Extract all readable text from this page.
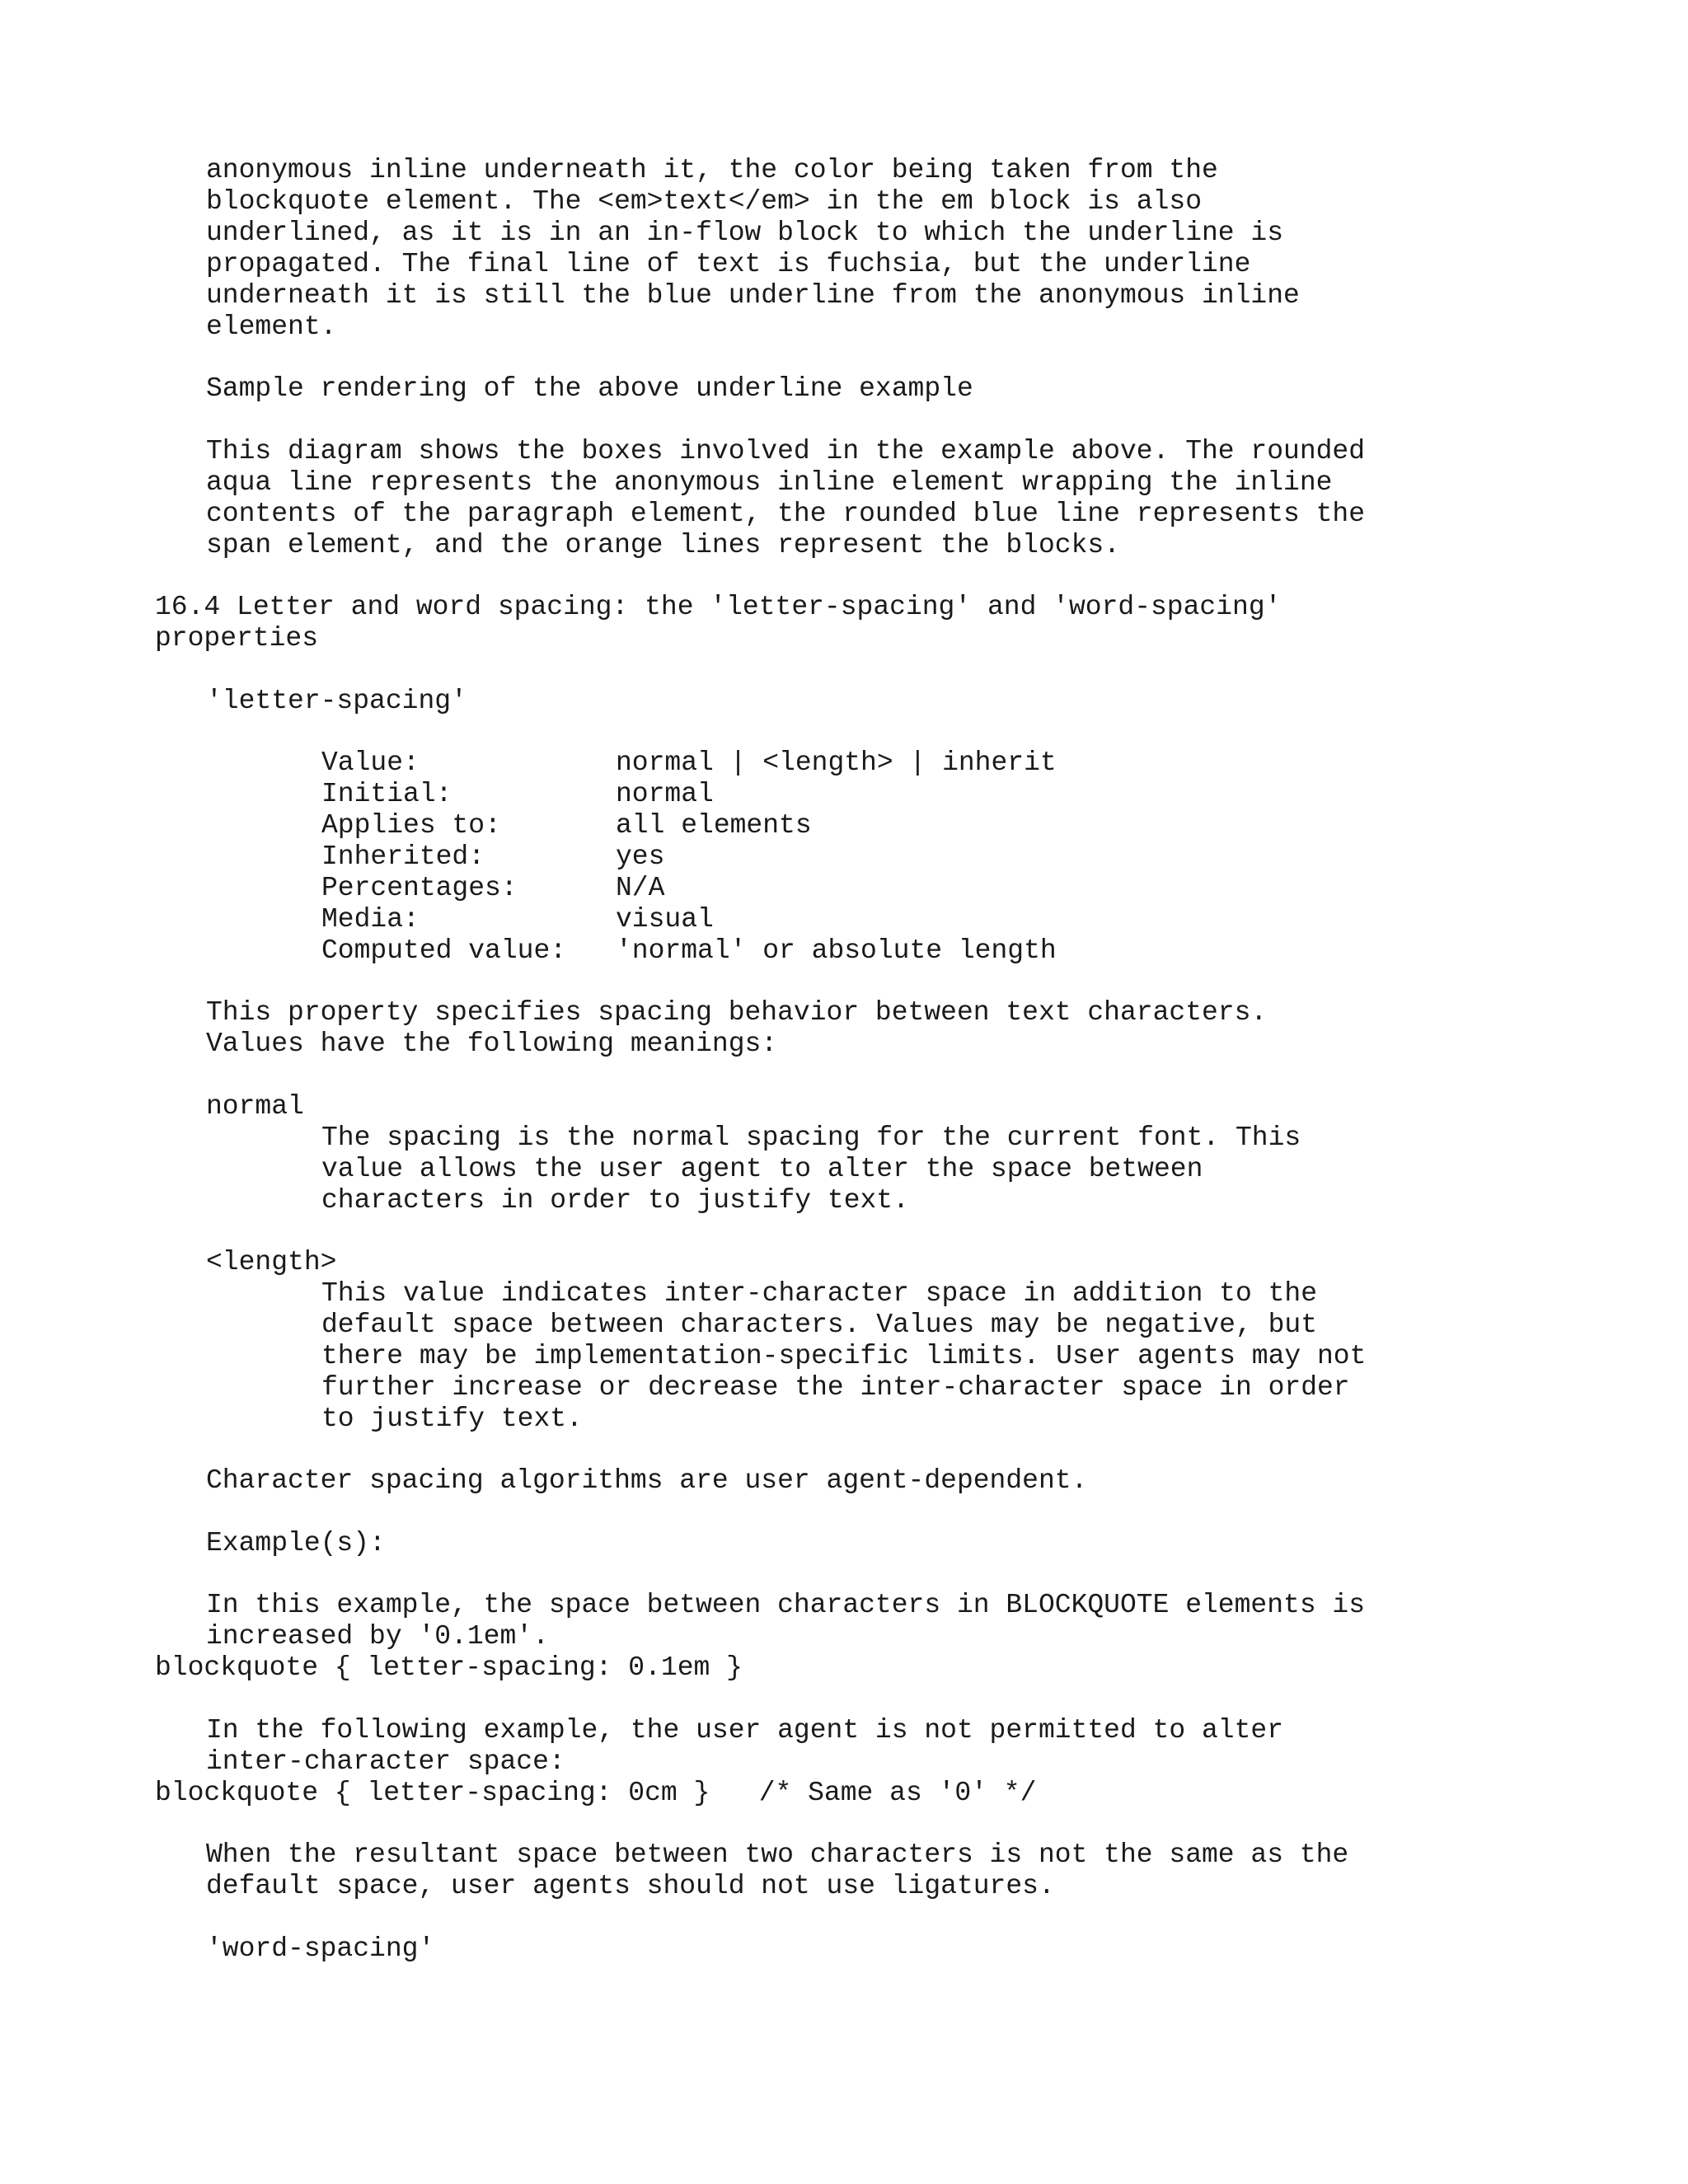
anonymous inline underneath it, the color being taken from the
blockquote element. The <em>text</em> in the em block is also
underlined, as it is in an in-flow block to which the underline is
propagated. The final line of text is fuchsia, but the underline
underneath it is still the blue underline from the anonymous inline
element.
Sample rendering of the above underline example
This diagram shows the boxes involved in the example above. The rounded
aqua line represents the anonymous inline element wrapping the inline
contents of the paragraph element, the rounded blue line represents the
span element, and the orange lines represent the blocks.
16.4 Letter and word spacing: the 'letter-spacing' and 'word-spacing'
properties
'letter-spacing'
Value:	normal | <length> | inherit
Initial:	normal
Applies to:	all elements
Inherited:	yes
Percentages:	N/A
Media:	visual
Computed value: 'normal' or absolute length
This property specifies spacing behavior between text characters.
Values have the following meanings:
normal
The spacing is the normal spacing for the current font. This
value allows the user agent to alter the space between
characters in order to justify text.
<length>
This value indicates inter-character space in addition to the
default space between characters. Values may be negative, but
there may be implementation-specific limits. User agents may not
further increase or decrease the inter-character space in order
to justify text.
Character spacing algorithms are user agent-dependent.
Example(s):
In this example, the space between characters in BLOCKQUOTE elements is
increased by '0.1em'.
blockquote { letter-spacing: 0.1em }
In the following example, the user agent is not permitted to alter
inter-character space:
blockquote { letter-spacing: 0cm }   /* Same as '0' */
When the resultant space between two characters is not the same as the
default space, user agents should not use ligatures.
'word-spacing'
